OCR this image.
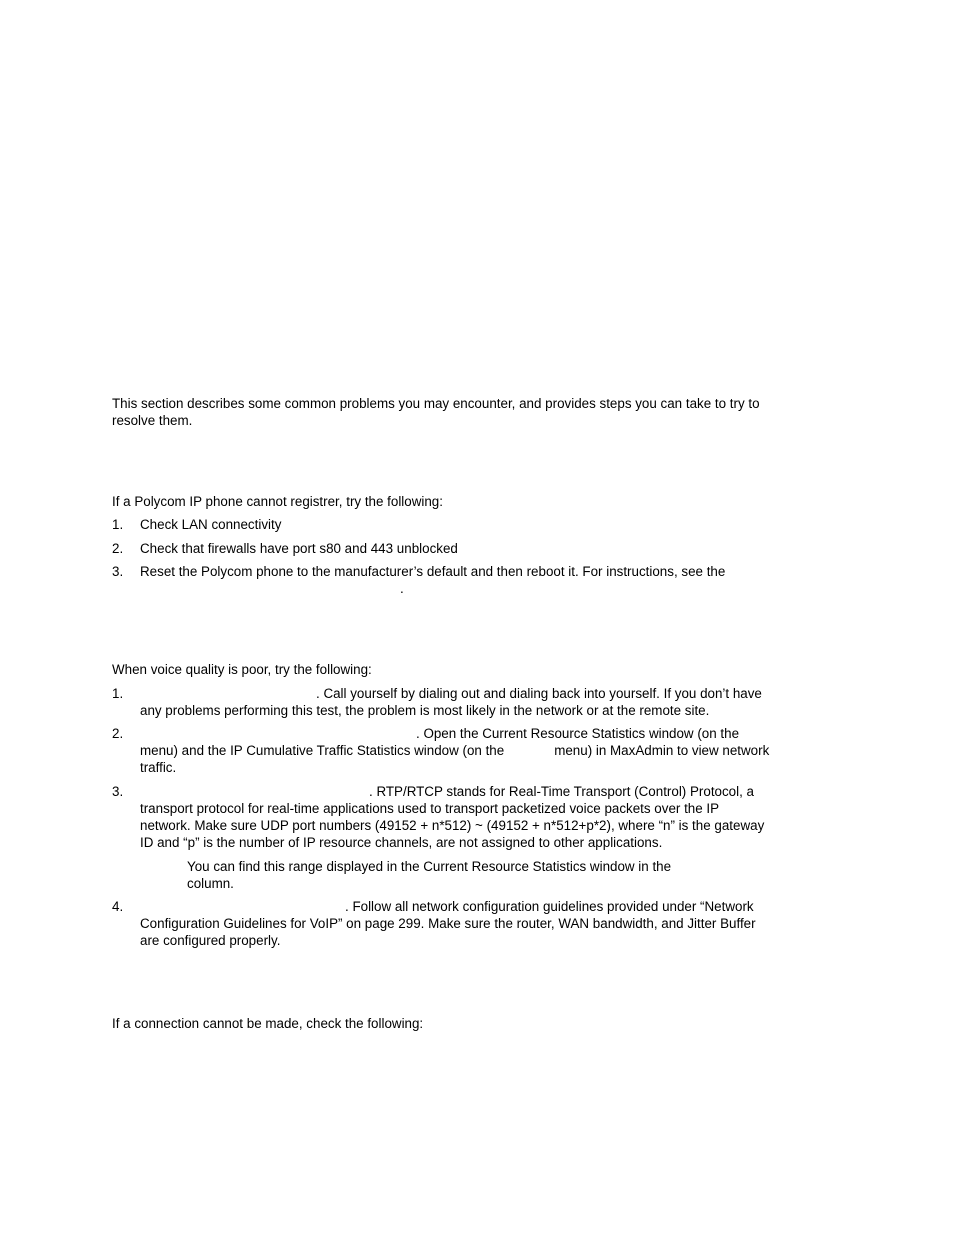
This section describes some common problems you may encounter, and provides steps you can take to try to
resolve them.
If a Polycom IP phone cannot registrer, try the following:
1.	Check LAN connectivity
2.	Check that firewalls have port s80 and 443 unblocked
3.	Reset the Polycom phone to the manufacturer’s default and then reboot it. For instructions, see the
.
When voice quality is poor, try the following:
1.	. Call yourself by dialing out and dialing back into yourself. If you don’t have
any problems performing this test, the problem is most likely in the network or at the remote site.
2.	. Open the Current Resource Statistics window (on the
menu) and the IP Cumulative Traffic Statistics window (on the	menu) in MaxAdmin to view network
traffic.
3.	. RTP/RTCP stands for Real-Time Transport (Control) Protocol, a
transport protocol for real-time applications used to transport packetized voice packets over the IP
network. Make sure UDP port numbers (49152 + n*512) ~ (49152 + n*512+p*2), where “n” is the gateway
ID and “p” is the number of IP resource channels, are not assigned to other applications.
You can find this range displayed in the Current Resource Statistics window in the
column.
4.	. Follow all network configuration guidelines provided under “Network
Configuration Guidelines for VoIP” on page 299. Make sure the router, WAN bandwidth, and Jitter Buffer
are configured properly.
If a connection cannot be made, check the following:
